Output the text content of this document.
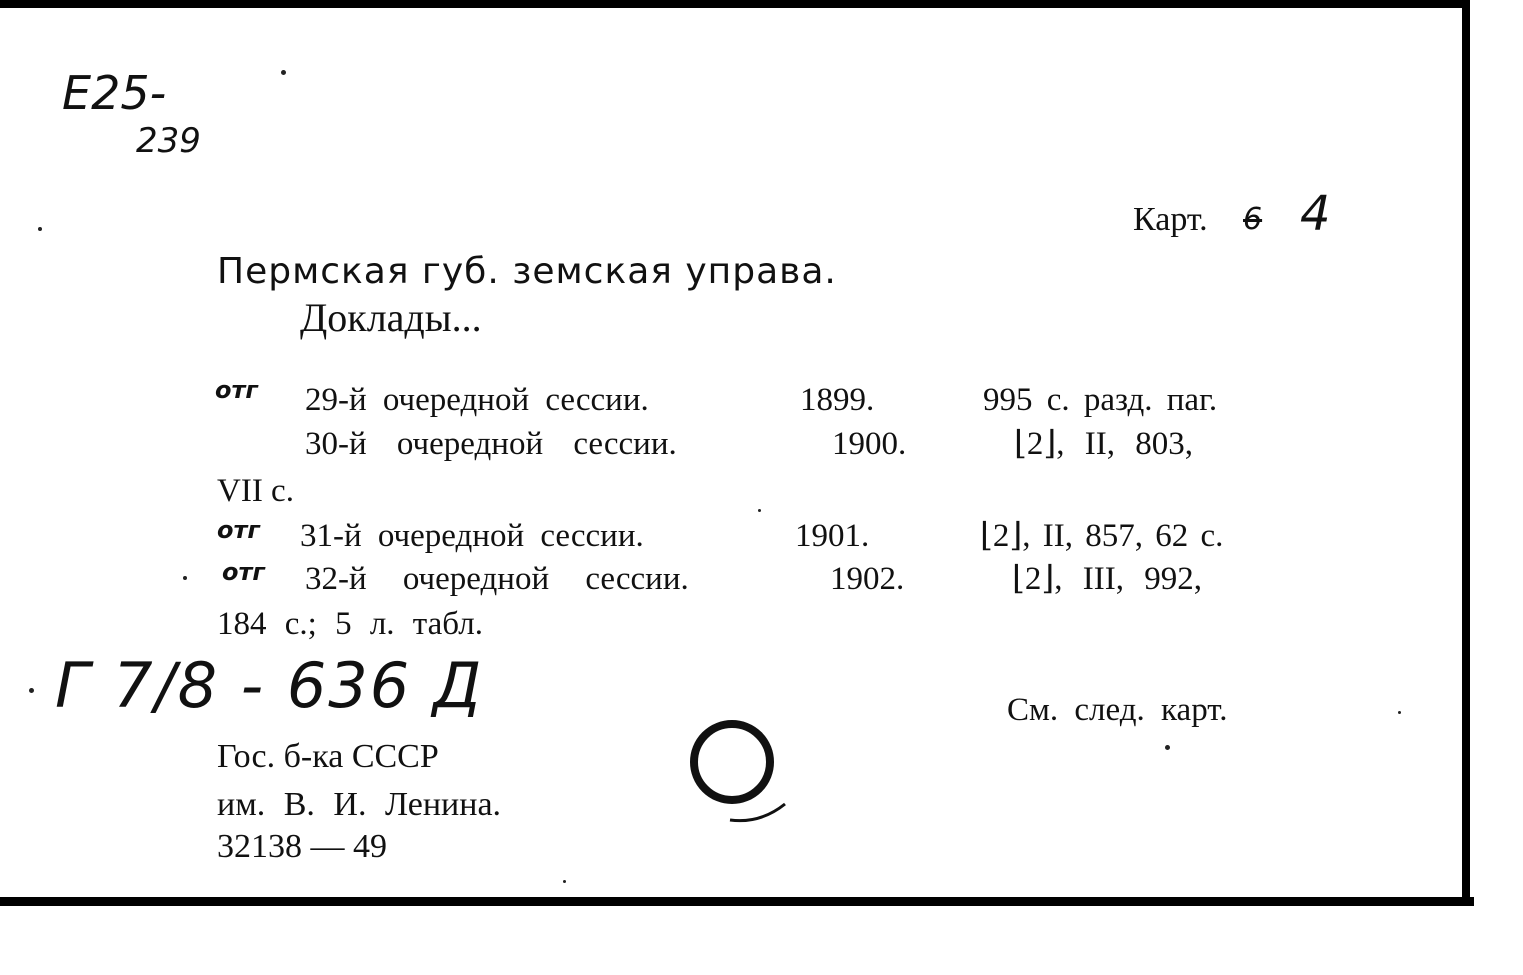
E25-
239
Карт. 6 4
Пермская губ. земская управа.
Доклады...
отг 29-й очередной сессии.	1899.	995 с. разд. паг.
30-й очередной сессии.	1900.	⌊2⌋, II, 803,
VII с.
отг 31-й очередной сессии.	1901.	⌊2⌋, II, 857, 62 с.
отг 32-й очередной сессии.	1902.	⌊2⌋, III, 992,
184 с.; 5 л. табл.
Г 7/8 - 636 Д	См. след. карт.
Гос. б-ка СССР
им. В. И. Ленина.
32138 — 49
